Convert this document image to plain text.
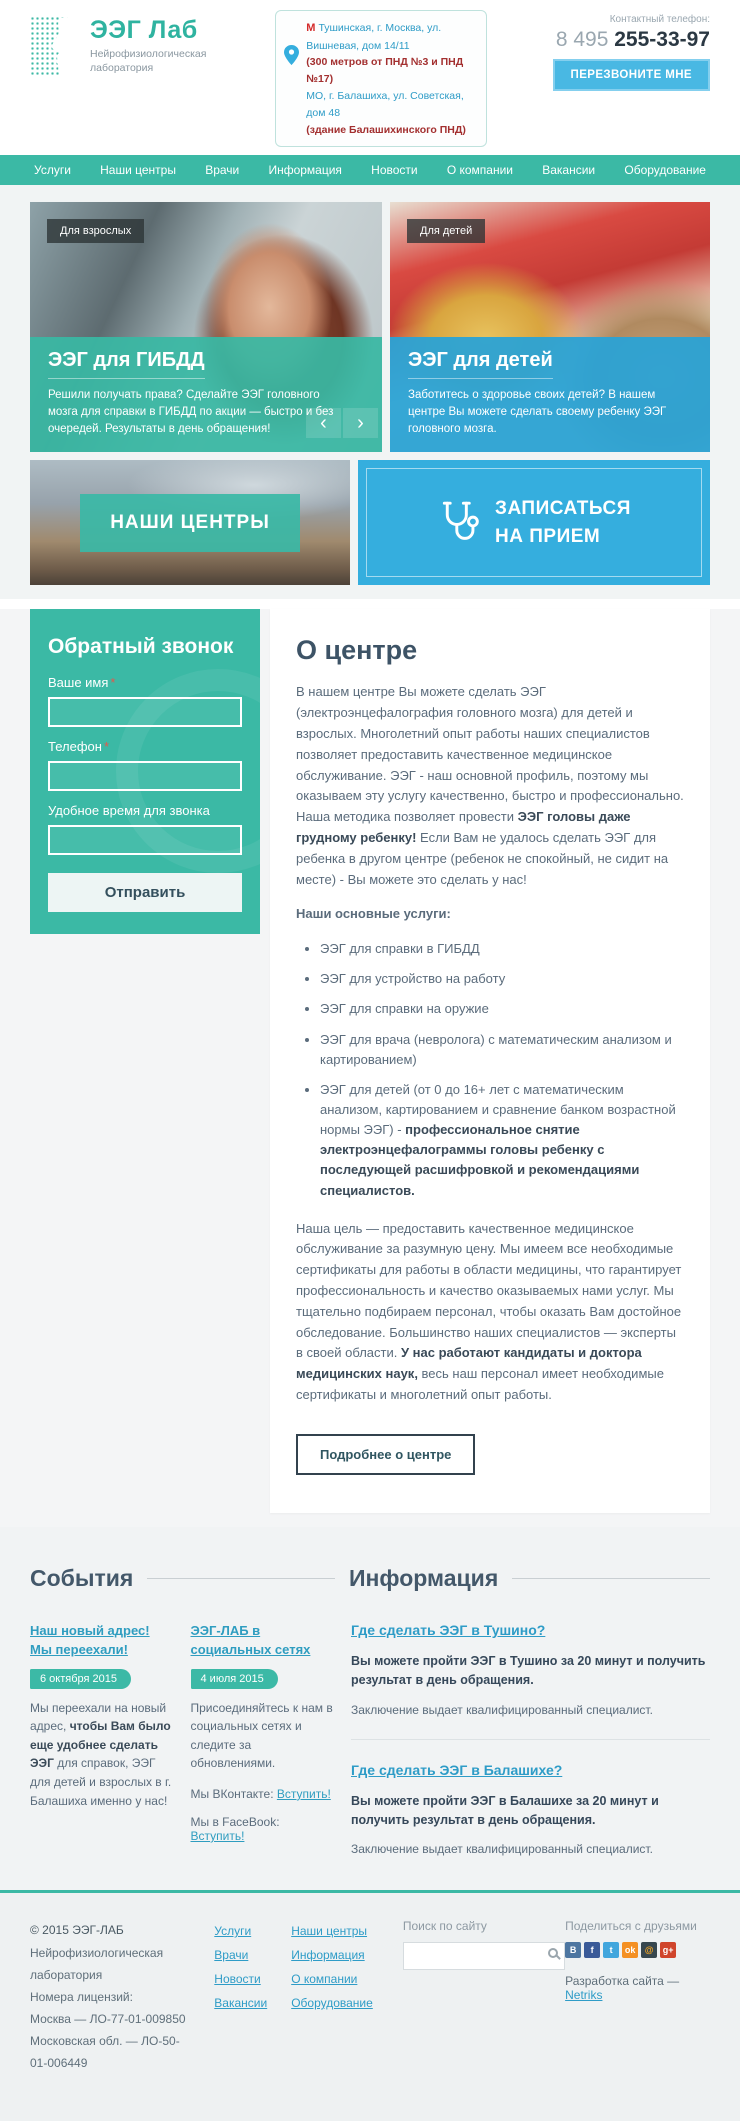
ЭЭГ Лаб
Нейрофизиологическая лаборатория
М Тушинская, г. Москва, ул. Вишневая, дом 14/11
(300 метров от ПНД №3 и ПНД №17)
МО, г. Балашиха, ул. Советская, дом 48
(здание Балашихинского ПНД)
Контактный телефон:
8 495 255-33-97
ПЕРЕЗВОНИТЕ МНЕ
Услуги Наши центры Врачи Информация Новости О компании Вакансии Оборудование
Для взрослых
ЭЭГ для ГИБДД
Решили получать права? Сделайте ЭЭГ головного мозга для справки в ГИБДД по акции — быстро и без очередей. Результаты в день обращения!	‹	›
Для детей
ЭЭГ для детей
Заботитесь о здоровье своих детей? В нашем центре Вы можете сделать своему ребенку ЭЭГ головного мозга.
НАШИ ЦЕНТРЫ
ЗАПИСАТЬСЯ
НА ПРИЕМ
Обратный звонок
Ваше имя *
Телефон *
Удобное время для звонка
Отправить
О центре

В нашем центре Вы можете сделать ЭЭГ (электроэнцефалография головного мозга) для детей и взрослых. Многолетний опыт работы наших специалистов позволяет предоставить качественное медицинское обслуживание. ЭЭГ - наш основной профиль, поэтому мы оказываем эту услугу качественно, быстро и профессионально. Наша методика позволяет провести ЭЭГ головы даже грудному ребенку! Если Вам не удалось сделать ЭЭГ для ребенка в другом центре (ребенок не спокойный, не сидит на месте) - Вы можете это сделать у нас!

Наши основные услуги:

• ЭЭГ для справки в ГИБДД
• ЭЭГ для устройство на работу
• ЭЭГ для справки на оружие
• ЭЭГ для врача (невролога) с математическим анализом и картированием)
• ЭЭГ для детей (от 0 до 16+ лет с математическим анализом, картированием и сравнение банком возрастной нормы ЭЭГ) - профессиональное снятие электроэнцефалограммы головы ребенку с последующей расшифровкой и рекомендациями специалистов.

Наша цель — предоставить качественное медицинское обслуживание за разумную цену. Мы имеем все необходимые сертификаты для работы в области медицины, что гарантирует профессиональность и качество оказываемых нами услуг. Мы тщательно подбираем персонал, чтобы оказать Вам достойное обследование. Большинство наших специалистов — эксперты в своей области. У нас работают кандидаты и доктора медицинских наук, весь наш персонал имеет необходимые сертификаты и многолетний опыт работы.

Подробнее о центре
События	Информация
Наш новый адрес! Мы переехали!
6 октября 2015
Мы переехали на новый адрес, чтобы Вам было еще удобнее сделать ЭЭГ для справок, ЭЭГ для детей и взрослых в г. Балашиха именно у нас!
ЭЭГ-ЛАБ в социальных сетях
4 июля 2015
Присоединяйтесь к нам в социальных сетях и следите за обновлениями.
Мы ВКонтакте: Вступить!
Мы в FaceBook: Вступить!
Где сделать ЭЭГ в Тушино?
Вы можете пройти ЭЭГ в Тушино за 20 минут и получить результат в день обращения.
Заключение выдает квалифицированный специалист.
Где сделать ЭЭГ в Балашихе?
Вы можете пройти ЭЭГ в Балашихе за 20 минут и получить результат в день обращения.
Заключение выдает квалифицированный специалист.
© 2015 ЭЭГ-ЛАБ
Нейрофизиологическая лаборатория
Номера лицензий:
Москва — ЛО-77-01-009850
Московская обл. — ЛО-50-01-006449
Услуги
Врачи
Новости
Вакансии
Наши центры
Информация
О компании
Оборудование
Поиск по сайту	Поделиться с друзьями
В	f	t	ok	@	g+
Разработка сайта — Netriks
